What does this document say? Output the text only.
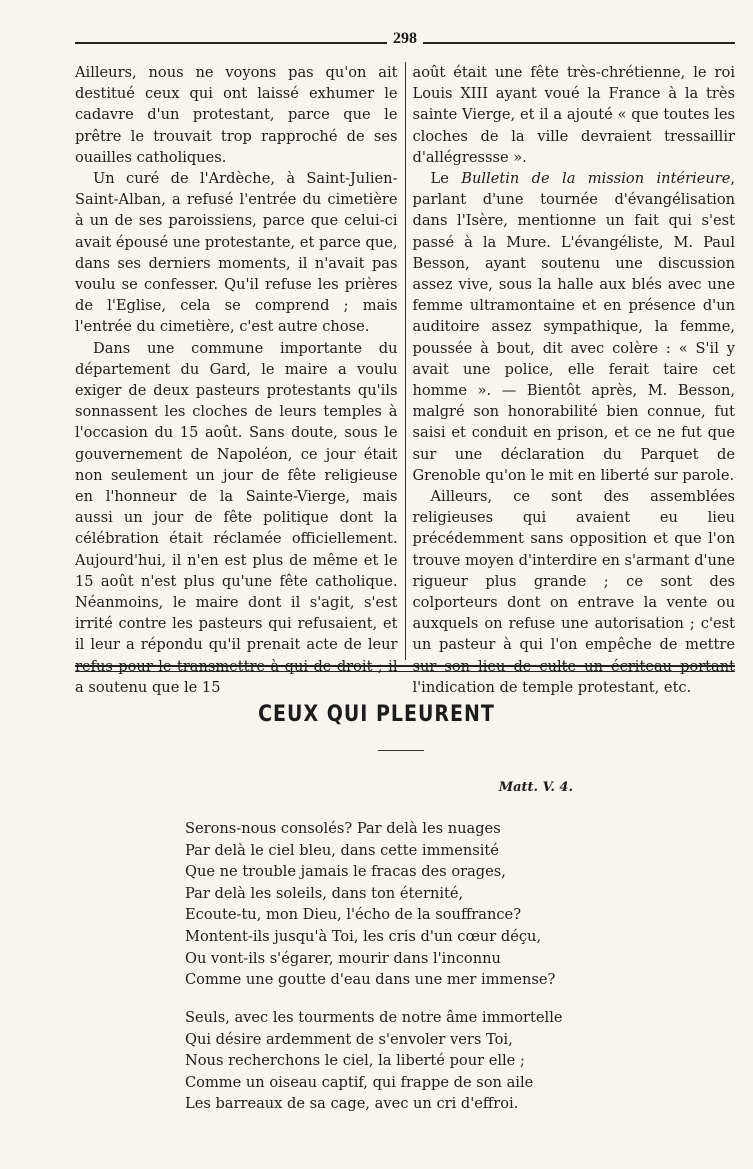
298

Ailleurs, nous ne voyons pas qu'on ait destitué ceux qui ont laissé exhumer le cadavre d'un protestant, parce que le prêtre le trouvait trop rapproché de ses ouailles catholiques.

Un curé de l'Ardèche, à Saint-Julien-Saint-Alban, a refusé l'entrée du cimetière à un de ses paroissiens, parce que celui-ci avait épousé une protestante, et parce que, dans ses derniers moments, il n'avait pas voulu se confesser. Qu'il refuse les prières de l'Eglise, cela se comprend ; mais l'entrée du cimetière, c'est autre chose.

Dans une commune importante du département du Gard, le maire a voulu exiger de deux pasteurs protestants qu'ils sonnassent les cloches de leurs temples à l'occasion du 15 août. Sans doute, sous le gouvernement de Napoléon, ce jour était non seulement un jour de fête religieuse en l'honneur de la Sainte-Vierge, mais aussi un jour de fête politique dont la célébration était réclamée officiellement. Aujourd'hui, il n'en est plus de même et le 15 août n'est plus qu'une fête catholique. Néanmoins, le maire dont il s'agit, s'est irrité contre les pasteurs qui refusaient, et il leur a répondu qu'il prenait acte de leur refus pour le transmettre à qui de droit ; il a soutenu que le 15

août était une fête très-chrétienne, le roi Louis XIII ayant voué la France à la très sainte Vierge, et il a ajouté « que toutes les cloches de la ville devraient tressaillir d'allégressse ».

Le Bulletin de la mission intérieure, parlant d'une tournée d'évangélisation dans l'Isère, mentionne un fait qui s'est passé à la Mure. L'évangéliste, M. Paul Besson, ayant soutenu une discussion assez vive, sous la halle aux blés avec une femme ultramontaine et en présence d'un auditoire assez sympathique, la femme, poussée à bout, dit avec colère : « S'il y avait une police, elle ferait taire cet homme ». — Bientôt après, M. Besson, malgré son honorabilité bien connue, fut saisi et conduit en prison, et ce ne fut que sur une déclaration du Parquet de Grenoble qu'on le mit en liberté sur parole.

Ailleurs, ce sont des assemblées religieuses qui avaient eu lieu précédemment sans opposition et que l'on trouve moyen d'interdire en s'armant d'une rigueur plus grande ; ce sont des colporteurs dont on entrave la vente ou auxquels on refuse une autorisation ; c'est un pasteur à qui l'on empêche de mettre sur son lieu de culte un écriteau portant l'indication de temple protestant, etc.

CEUX QUI PLEURENT
Matt. V. 4.
Serons-nous consolés? Par delà les nuages
Par delà le ciel bleu, dans cette immensité
Que ne trouble jamais le fracas des orages,
Par delà les soleils, dans ton éternité,
Ecoute-tu, mon Dieu, l'écho de la souffrance?
Montent-ils jusqu'à Toi, les cris d'un cœur déçu,
Ou vont-ils s'égarer, mourir dans l'inconnu
Comme une goutte d'eau dans une mer immense?
Seuls, avec les tourments de notre âme immortelle
Qui désire ardemment de s'envoler vers Toi,
Nous recherchons le ciel, la liberté pour elle ;
Comme un oiseau captif, qui frappe de son aile
Les barreaux de sa cage, avec un cri d'effroi.
